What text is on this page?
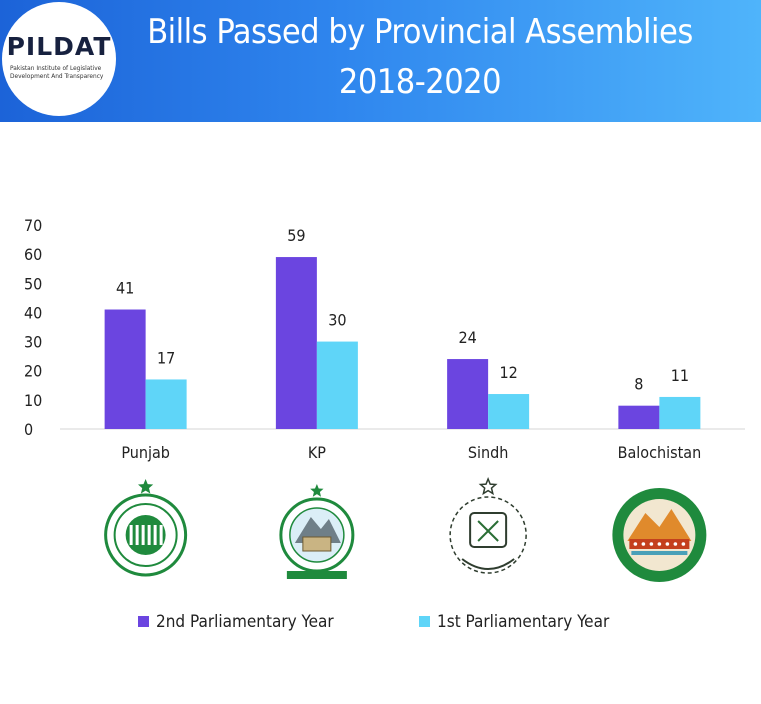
PILDAT
Pakistan Institute of Legislative Development And Transparency
Bills Passed by Provincial Assemblies
2018-2020
0
10
20
30
40
50
60
70
41
17
Punjab
59
30
KP
24
12
Sindh
8 11
Balochistan
2nd Parliamentary Year	1st Parliamentary Year
